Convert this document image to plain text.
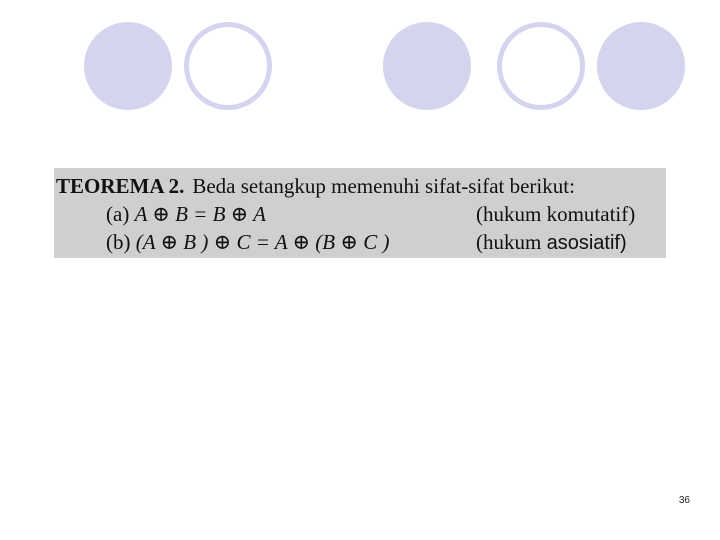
TEOREMA 2. Beda setangkup memenuhi sifat-sifat berikut:
(a) A ⊕ B = B ⊕ A	(hukum komutatif)
(b) (A ⊕ B ) ⊕ C = A ⊕ (B ⊕ C )	(hukum asosiatif)
36
